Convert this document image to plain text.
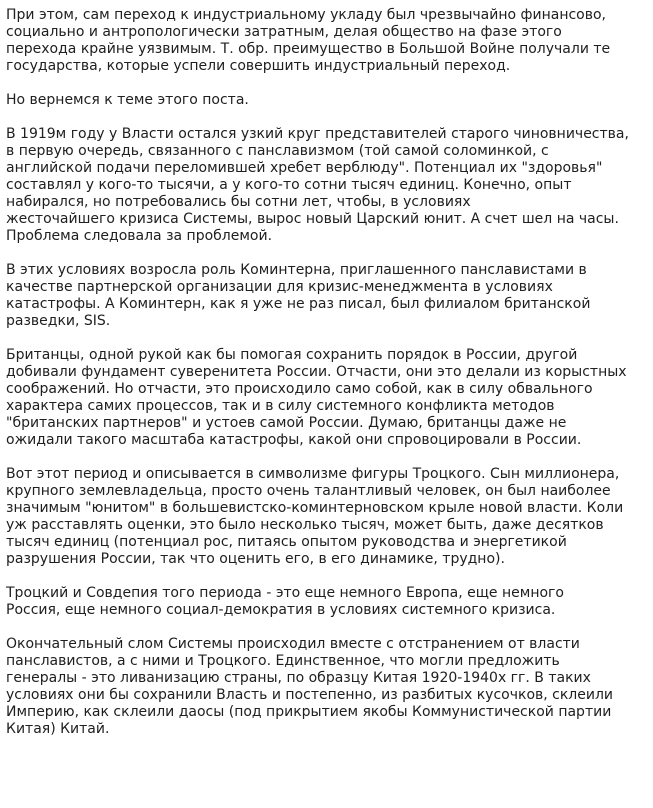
При этом, сам переход к индустриальному укладу был чрезвычайно финансово,
социально и антропологически затратным, делая общество на фазе этого
перехода крайне уязвимым. Т. обр. преимущество в Большой Войне получали те
государства, которые успели совершить индустриальный переход.

Но вернемся к теме этого поста.

В 1919м году у Власти остался узкий круг представителей старого чиновничества,
в первую очередь, связанного с панславизмом (той самой соломинкой, с
английской подачи переломившей хребет верблюду". Потенциал их "здоровья"
составлял у кого-то тысячи, а у кого-то сотни тысяч единиц. Конечно, опыт
набирался, но потребовались бы сотни лет, чтобы, в условиях
жесточайшего кризиса Системы, вырос новый Царский юнит. А счет шел на часы.
Проблема следовала за проблемой.

В этих условиях возросла роль Коминтерна, приглашенного панславистами в
качестве партнерской организации для кризис-менеджмента в условиях
катастрофы. А Коминтерн, как я уже не раз писал, был филиалом британской
разведки, SIS.

Британцы, одной рукой как бы помогая сохранить порядок в России, другой
добивали фундамент суверенитета России. Отчасти, они это делали из корыстных
соображений. Но отчасти, это происходило само собой, как в силу обвального
характера самих процессов, так и в силу системного конфликта методов
"британских партнеров" и устоев самой России. Думаю, британцы даже не
ожидали такого масштаба катастрофы, какой они спровоцировали в России.

Вот этот период и описывается в символизме фигуры Троцкого. Сын миллионера,
крупного землевладельца, просто очень талантливый человек, он был наиболее
значимым "юнитом" в большевистско-коминтерновском крыле новой власти. Коли
уж расставлять оценки, это было несколько тысяч, может быть, даже десятков
тысяч единиц (потенциал рос, питаясь опытом руководства и энергетикой
разрушения России, так что оценить его, в его динамике, трудно).

Троцкий и Совдепия того периода - это еще немного Европа, еще немного
Россия, еще немного социал-демократия в условиях системного кризиса.

Окончательный слом Системы происходил вместе с отстранением от власти
панславистов, а с ними и Троцкого. Единственное, что могли предложить
генералы - это ливанизацию страны, по образцу Китая 1920-1940х гг. В таких
условиях они бы сохранили Власть и постепенно, из разбитых кусочков, склеили
Империю, как склеили даосы (под прикрытием якобы Коммунистической партии
Китая) Китай.
